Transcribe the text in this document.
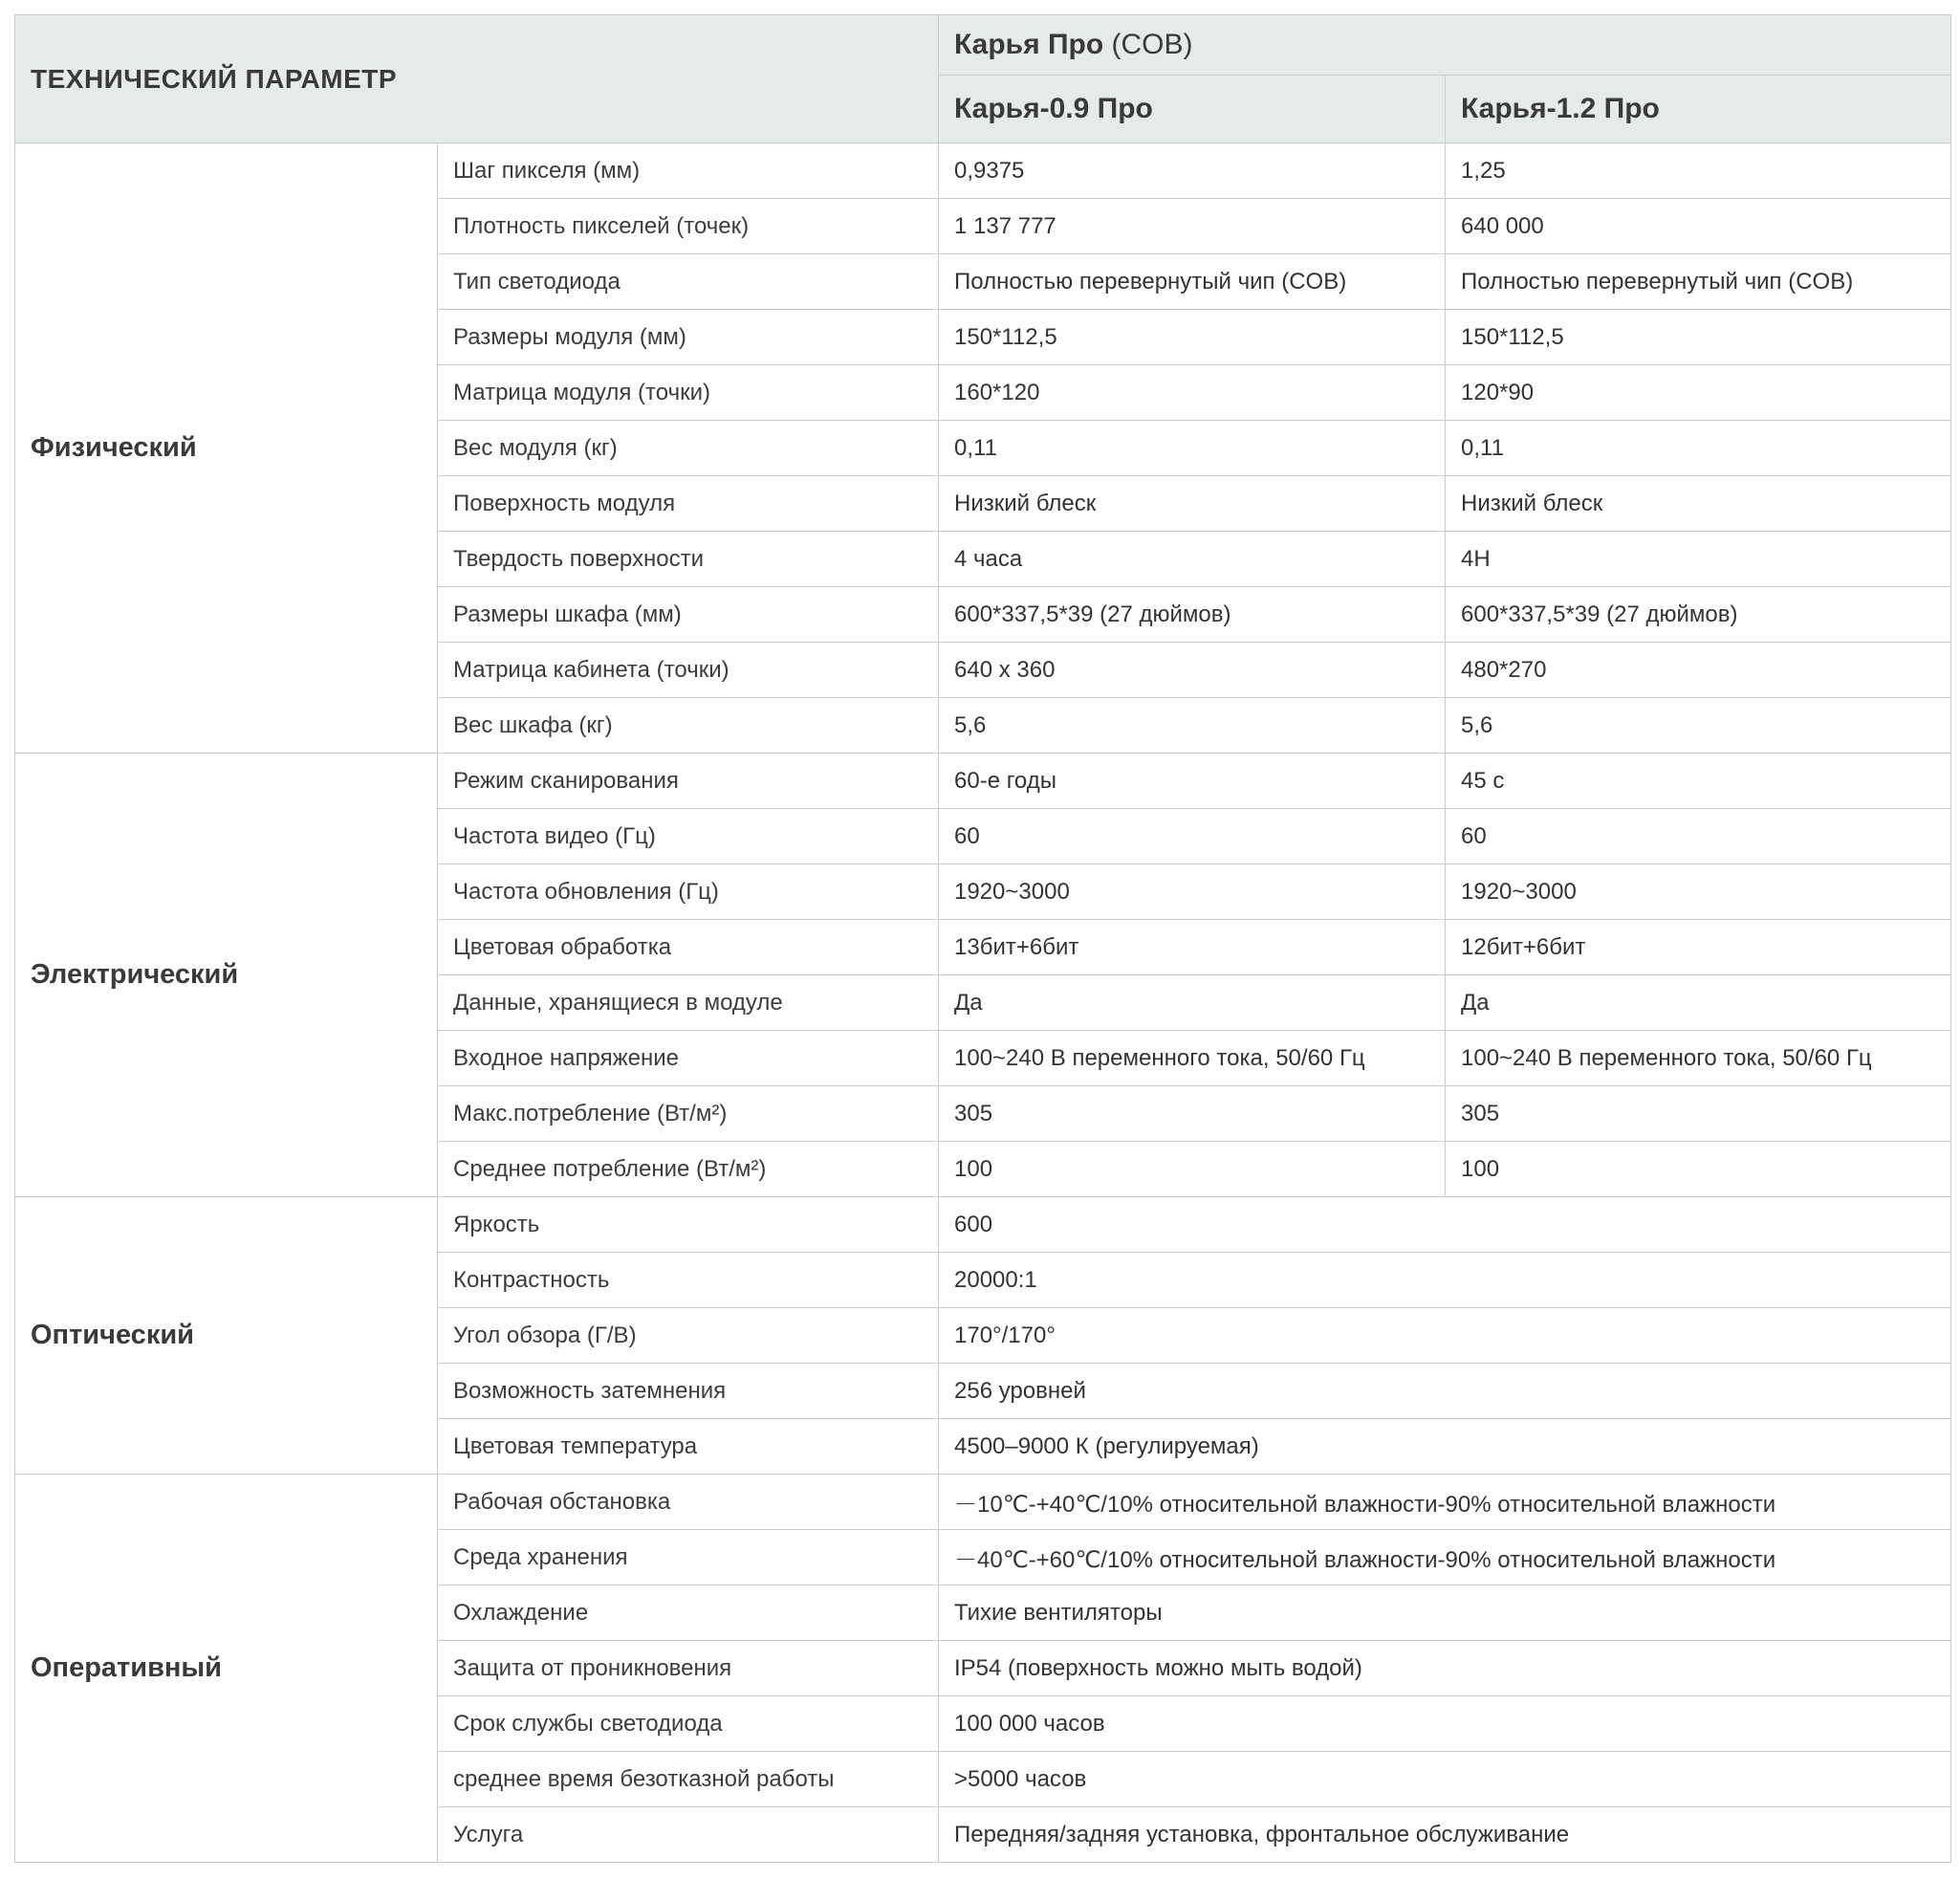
ТЕХНИЧЕСКИЙ ПАРАМЕТР		Карья Про (COB)	
		Карья-0.9 Про	Карья-1.2 Про
Физический	Шаг пикселя (мм)	0,9375	1,25
	Плотность пикселей (точек)	1 137 777	640 000
	Тип светодиода	Полностью перевернутый чип (COB)	Полностью перевернутый чип (COB)
	Размеры модуля (мм)	150*112,5	150*112,5
	Матрица модуля (точки)	160*120	120*90
	Вес модуля (кг)	0,11	0,11
	Поверхность модуля	Низкий блеск	Низкий блеск
	Твердость поверхности	4 часа	4H
	Размеры шкафа (мм)	600*337,5*39 (27 дюймов)	600*337,5*39 (27 дюймов)
	Матрица кабинета (точки)	640 x 360	480*270
	Вес шкафа (кг)	5,6	5,6
Электрический	Режим сканирования	60-е годы	45 с
	Частота видео (Гц)	60	60
	Частота обновления (Гц)	1920~3000	1920~3000
	Цветовая обработка	13бит+6бит	12бит+6бит
	Данные, хранящиеся в модуле	Да	Да
	Входное напряжение	100~240 В переменного тока, 50/60 Гц	100~240 В переменного тока, 50/60 Гц
	Макс.потребление (Вт/м²)	305	305
	Среднее потребление (Вт/м²)	100	100
Оптический	Яркость	600	
	Контрастность	20000:1	
	Угол обзора (Г/В)	170°/170°	
	Возможность затемнения	256 уровней	
	Цветовая температура	4500–9000 К (регулируемая)	
Оперативный	Рабочая обстановка	－10℃-+40℃/10% относительной влажности-90% относительной влажности	
	Среда хранения	－40℃-+60℃/10% относительной влажности-90% относительной влажности	
	Охлаждение	Тихие вентиляторы	
	Защита от проникновения	IP54 (поверхность можно мыть водой)	
	Срок службы светодиода	100 000 часов	
	среднее время безотказной работы	>5000 часов	
	Услуга	Передняя/задняя установка, фронтальное обслуживание	
